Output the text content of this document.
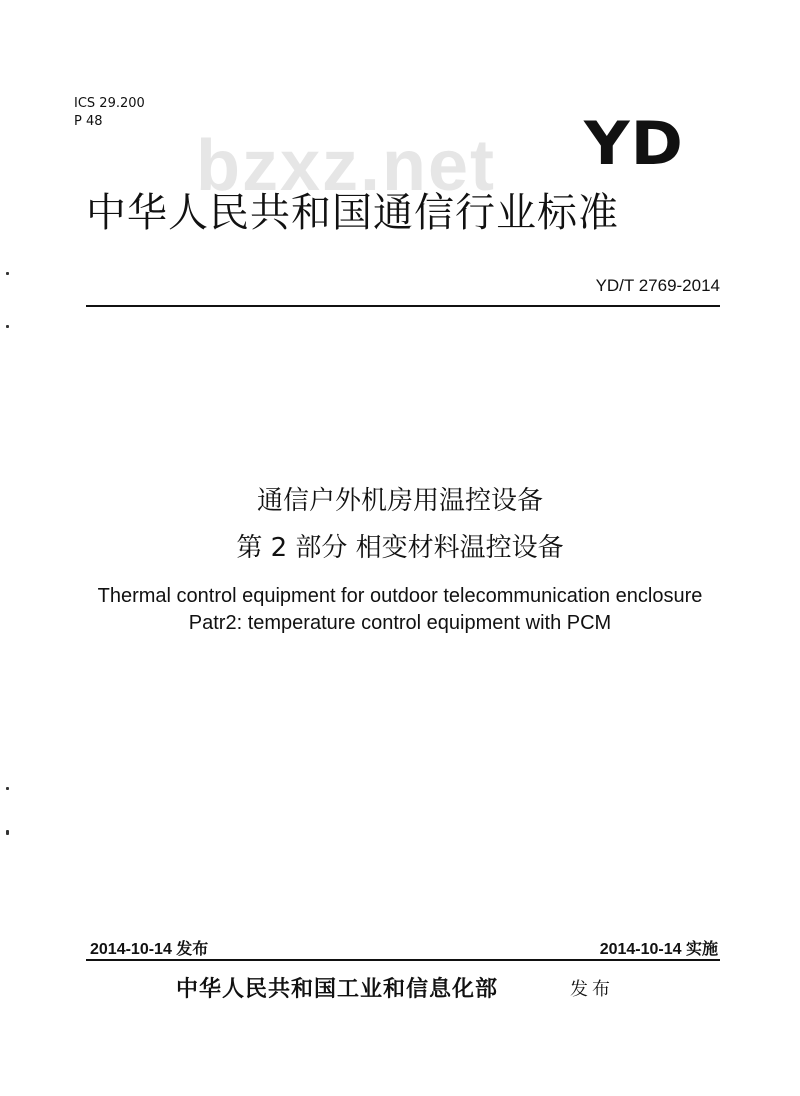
ICS 29.200
P 48	YD
bzxz.net
中华人民共和国通信行业标准
YD/T 2769-2014
通信户外机房用温控设备
第 2 部分 相变材料温控设备
Thermal control equipment for outdoor telecommunication enclosure
Patr2: temperature control equipment with PCM
2014-10-14 发布	2014-10-14 实施
中华人民共和国工业和信息化部	发布
